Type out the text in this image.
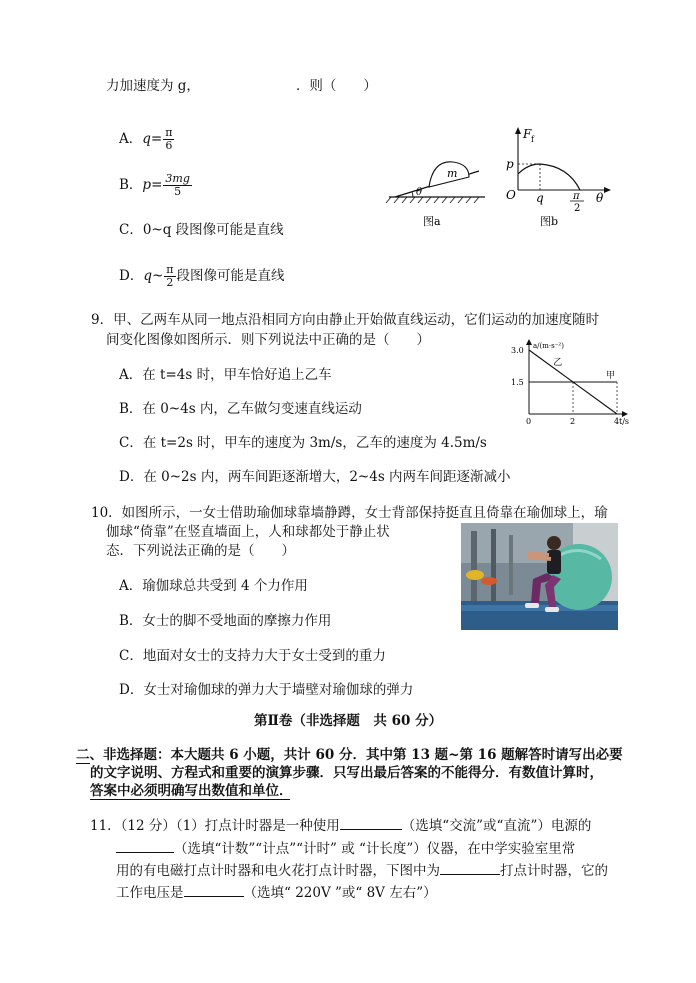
力加速度为 g，	．则（　　）
A．$q= \frac{\pi}{6}$
B．$p= \frac{3mg}{5}$
C．0~q 段图像可能是直线
D．q~ $\frac{\pi}{2}$ 段图像可能是直线
m
θ
图a
F f
p
O q	π
2
θ
图b
9．甲、乙两车从同一地点沿相同方向由静止开始做直线运动，它们运动的加速度随时
间变化图像如图所示．则下列说法中正确的是（　　）
A．在 t=4s 时，甲车恰好追上乙车
B．在 0~4s 内，乙车做匀变速直线运动
C．在 t=2s 时，甲车的速度为 3m/s，乙车的速度为 4.5m/s
D．在 0~2s 内，两车间距逐渐增大，2~4s 内两车间距逐渐减小
a/(m·s⁻²)
t/s
0	2	4
1.5
3.0
乙
甲
10．如图所示，一女士借助瑜伽球靠墙静蹲，女士背部保持挺直且倚靠在瑜伽球上，瑜
伽球“倚靠”在竖直墙面上，人和球都处于静止状
态．下列说法正确的是（　　）
A．瑜伽球总共受到 4 个力作用
B．女士的脚不受地面的摩擦力作用
C．地面对女士的支持力大于女士受到的重力
D．女士对瑜伽球的弹力大于墙壁对瑜伽球的弹力
第Ⅱ卷（非选择题　共 60 分）
二、非选择题：本大题共 6 小题，共计 60 分．其中第 13 题~第 16 题解答时请写出必要
的文字说明、方程式和重要的演算步骤．只写出最后答案的不能得分．有数值计算时，
答案中必须明确写出数值和单位．
11．（12 分）（1）打点计时器是一种使用	（选填“交流”或“直流”）电源的
（选填“计数”“计点”“计时” 或 “计长度”）仪器，在中学实验室里常
用的有电磁打点计时器和电火花打点计时器，下图中为	打点计时器，它的
工作电压是	（选填“ 220V ”或“ 8V 左右”）
